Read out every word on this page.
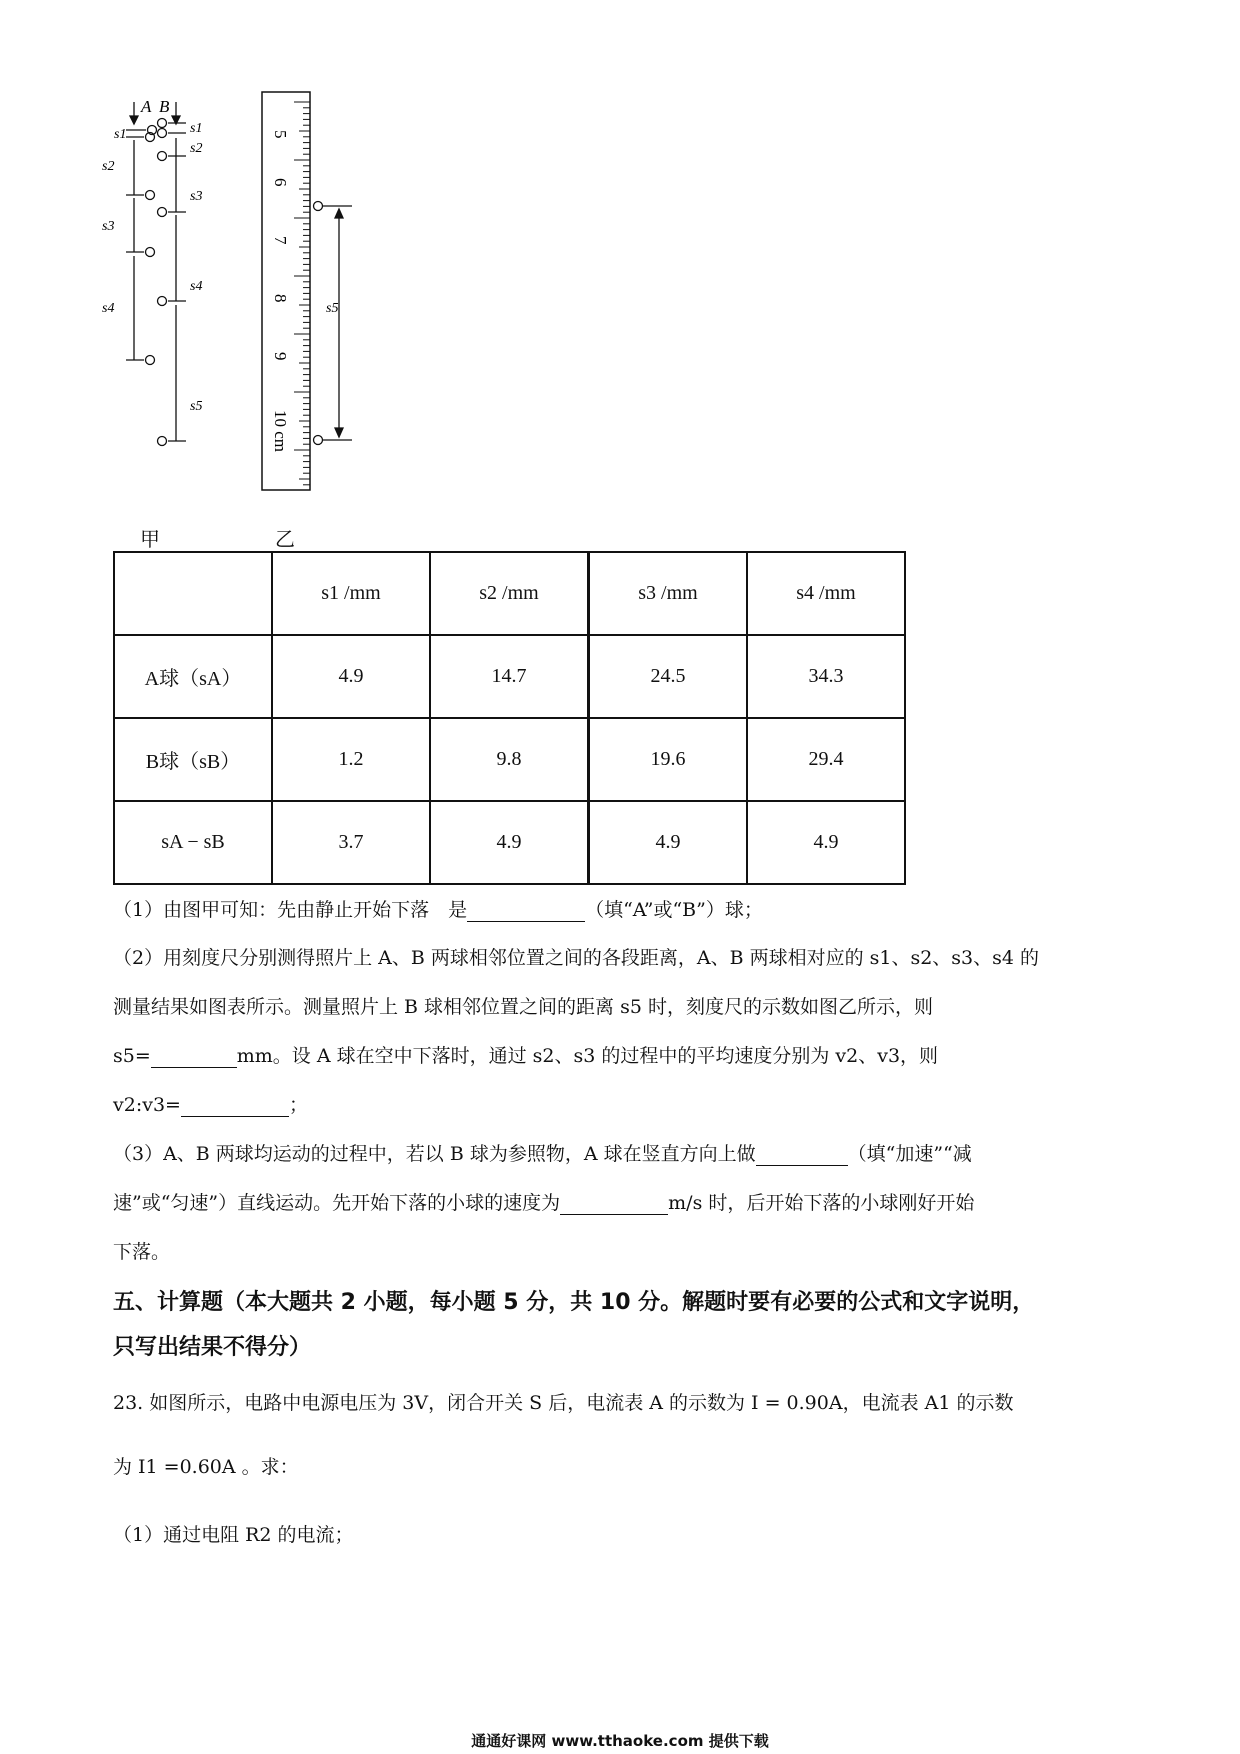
A B
s1
s2
s3
s4
s1
s2
s3
s4
s5
5
6
7
8
9
10 cm
s5
甲	乙
	s1 /mm	s2 /mm	s3 /mm	s4 /mm
A球（sA）	4.9	14.7	24.5	34.3
B球（sB）	1.2	9.8	19.6	29.4
sA − sB	3.7	4.9	4.9	4.9
（1）由图甲可知：先由静止开始下落　是	（填“A”或“B”）球；
（2）用刻度尺分别测得照片上 A、B 两球相邻位置之间的各段距离，A、B 两球相对应的 s1、s2、s3、s4 的
测量结果如图表所示。测量照片上 B 球相邻位置之间的距离 s5 时，刻度尺的示数如图乙所示，则
s5=	mm。设 A 球在空中下落时，通过 s2、s3 的过程中的平均速度分别为 v2、v3，则
v2:v3=	；
（3）A、B 两球均运动的过程中，若以 B 球为参照物，A 球在竖直方向上做	（填“加速”“减
速”或“匀速”）直线运动。先开始下落的小球的速度为	m/s 时，后开始下落的小球刚好开始
下落。
五、计算题（本大题共 2 小题，每小题 5 分，共 10 分。解题时要有必要的公式和文字说明，
只写出结果不得分）
23. 如图所示，电路中电源电压为 3V，闭合开关 S 后，电流表 A 的示数为 I = 0.90A，电流表 A1 的示数
为 I1 =0.60A 。求：
（1）通过电阻 R2 的电流；
通通好课网 www.tthaoke.com 提供下载
